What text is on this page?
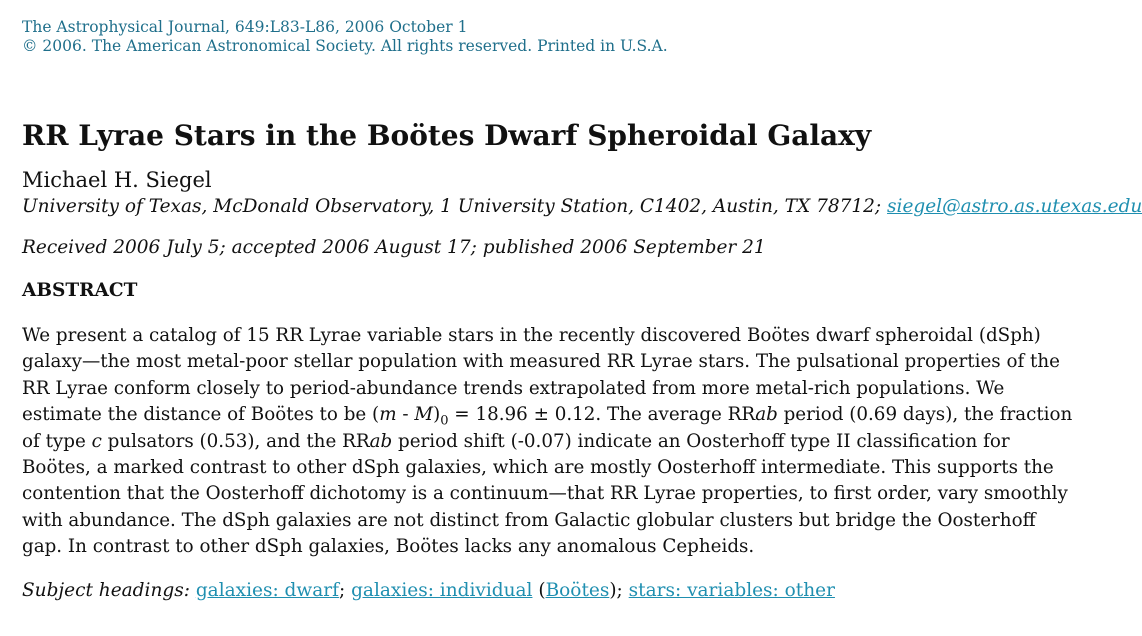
The Astrophysical Journal, 649:L83-L86, 2006 October 1
© 2006. The American Astronomical Society. All rights reserved. Printed in U.S.A.
RR Lyrae Stars in the Boötes Dwarf Spheroidal Galaxy
Michael H. Siegel
University of Texas, McDonald Observatory, 1 University Station, C1402, Austin, TX 78712; siegel@astro.as.utexas.edu
Received 2006 July 5; accepted 2006 August 17; published 2006 September 21
ABSTRACT
We present a catalog of 15 RR Lyrae variable stars in the recently discovered Boötes dwarf spheroidal (dSph) galaxy—the most metal-poor stellar population with measured RR Lyrae stars. The pulsational properties of the RR Lyrae conform closely to period-abundance trends extrapolated from more metal-rich populations. We estimate the distance of Boötes to be $(m - M)_0 = 18.96 \pm 0.12$. The average RRab period (0.69 days), the fraction of type c pulsators (0.53), and the RRab period shift (-0.07) indicate an Oosterhoff type II classification for Boötes, a marked contrast to other dSph galaxies, which are mostly Oosterhoff intermediate. This supports the contention that the Oosterhoff dichotomy is a continuum—that RR Lyrae properties, to first order, vary smoothly with abundance. The dSph galaxies are not distinct from Galactic globular clusters but bridge the Oosterhoff gap. In contrast to other dSph galaxies, Boötes lacks any anomalous Cepheids.
Subject headings: galaxies: dwarf; galaxies: individual (Boötes); stars: variables: other
